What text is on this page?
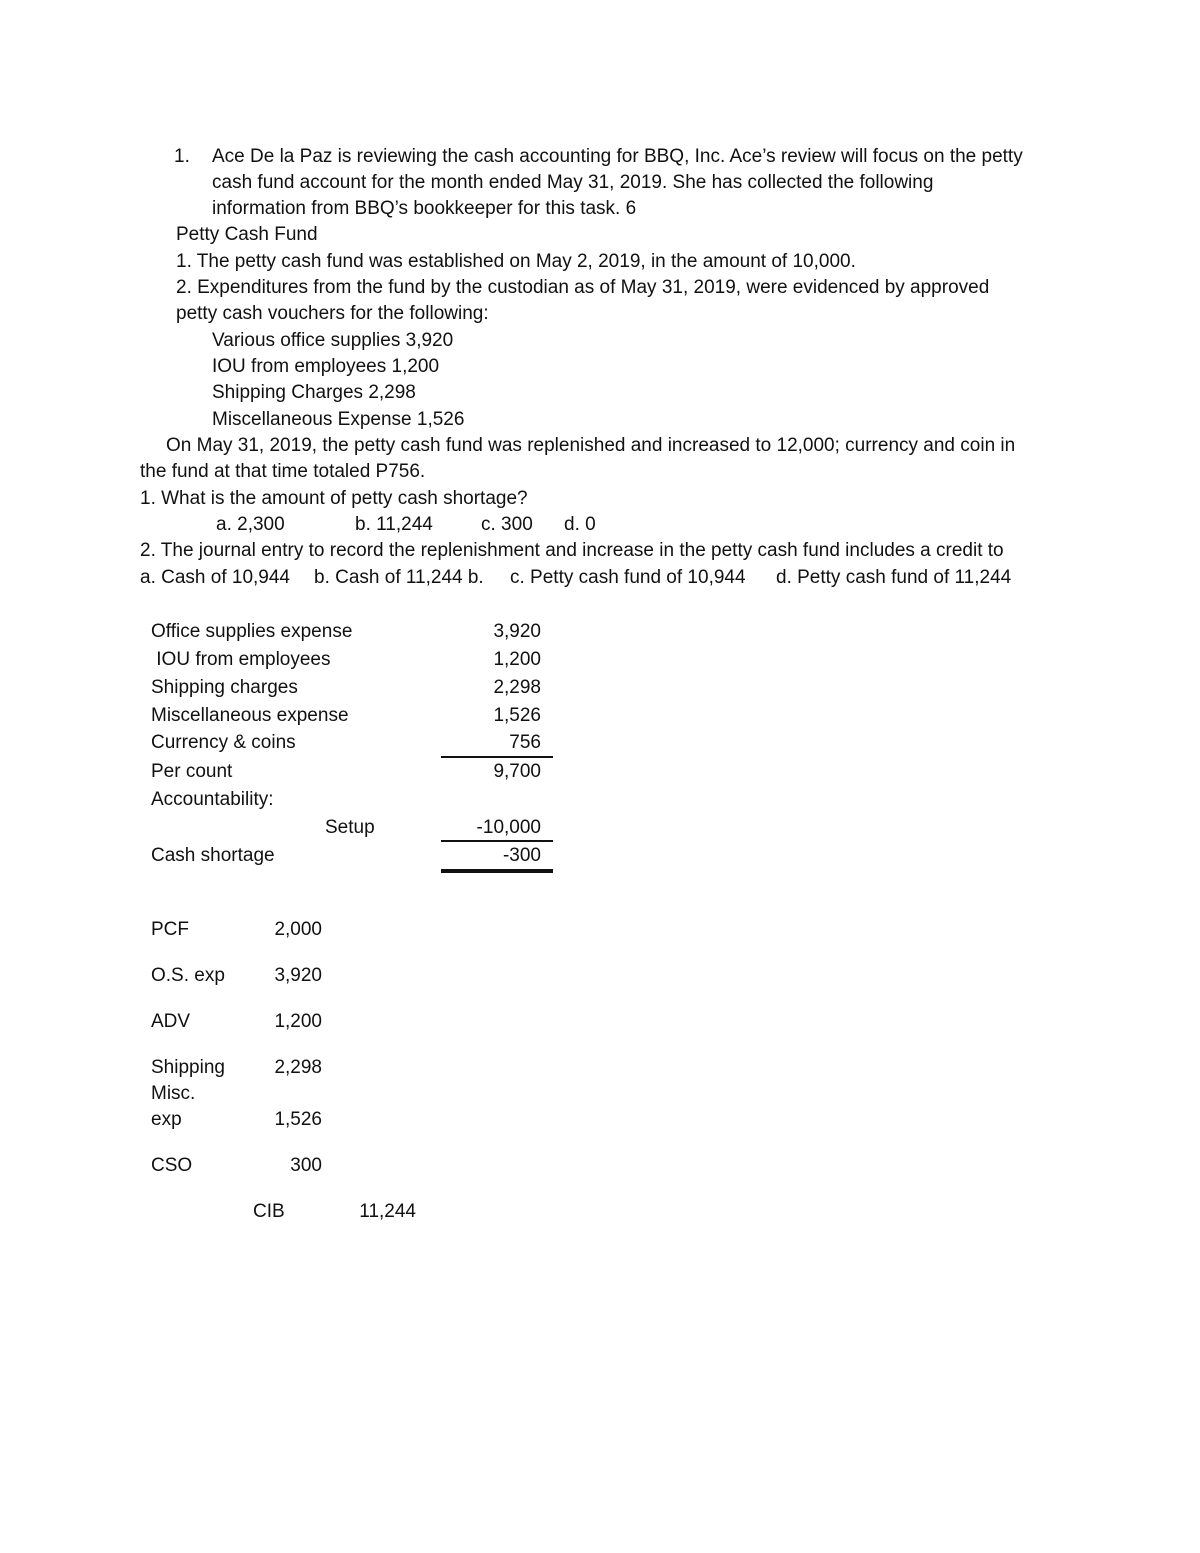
1. Ace De la Paz is reviewing the cash accounting for BBQ, Inc. Ace’s review will focus on the petty
cash fund account for the month ended May 31, 2019. She has collected the following
information from BBQ’s bookkeeper for this task. 6
Petty Cash Fund
1. The petty cash fund was established on May 2, 2019, in the amount of 10,000.
2. Expenditures from the fund by the custodian as of May 31, 2019, were evidenced by approved
petty cash vouchers for the following:
Various office supplies 3,920
IOU from employees 1,200
Shipping Charges 2,298
Miscellaneous Expense 1,526
On May 31, 2019, the petty cash fund was replenished and increased to 12,000; currency and coin in
the fund at that time totaled P756.
1. What is the amount of petty cash shortage?
a. 2,300	b. 11,244	c. 300 d. 0
2. The journal entry to record the replenishment and increase in the petty cash fund includes a credit to
a. Cash of 10,944 b. Cash of 11,244 b. c. Petty cash fund of 10,944 d. Petty cash fund of 11,244
Office supplies expense	3,920
IOU from employees	1,200
Shipping charges	2,298
Miscellaneous expense	1,526
Currency & coins	756
Per count	9,700
Accountability:
Setup	-10,000
Cash shortage	-300
PCF	2,000
O.S. exp	3,920
ADV	1,200
Shipping	2,298
Misc.
exp	1,526
CSO	300
CIB	11,244
